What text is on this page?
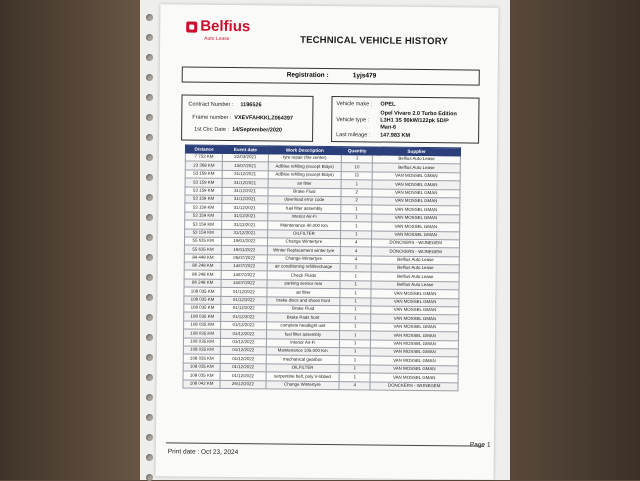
Belfius
Auto Lease	TECHNICAL VEHICLE HISTORY
Registration :	1yjs479
Contract Number : 1196526
Frame number : VXEVFAHKKLZ064397
1st Circ Date : 14/September/2020
Vehicle make : OPEL
Opel Vivaro 2.0 Turbo Edition
Vehicle type : L3H1 3S 90kW/122pk 5D/P
Man-6
Last mileage : 147.983 KM
Distance	Event date	Work Description	Quantity	Supplier
7 753 KM	22/03/2021	tyre repair (fire center)	1	Belfius Auto Lease
23 368 KM	13/07/2021	AdBlue refilling (except Eldys)	10	Belfius Auto Lease
53 159 KM	31/12/2021	AdBlue refilling (except Eldys)	11	VAN MOSSEL GMAN
53 159 KM	31/12/2021	air filter	1	VAN MOSSEL GMAN
53 159 KM	31/12/2021	Brake Fluid	2	VAN MOSSEL GMAN
53 159 KM	31/12/2021	download error code	2	VAN MOSSEL GMAN
53 159 KM	31/12/2021	fuel filter assembly	1	VAN MOSSEL GMAN
53 159 KM	31/12/2021	Interior Air-Fi	1	VAN MOSSEL GMAN
53 159 KM	31/12/2021	Maintenance 40.000 Km	1	VAN MOSSEL GMAN
53 159 KM	31/12/2021	OILFILTER	1	VAN MOSSEL GMAN
55 635 KM	19/01/2022	Change Wintertyre	4	DONCKERS - WIJNEGEM
55 635 KM	19/01/2022	Winter Replacement winter tyre	4	DONCKERS - WIJNEGEM
84 449 KM	05/07/2022	Change Wintertyre	4	Belfius Auto Lease
86 248 KM	14/07/2022	air conditioning refill/recharge	1	Belfius Auto Lease
86 248 KM	14/07/2022	Check Fluids	1	Belfius Auto Lease
86 248 KM	14/07/2022	parking sensor rear	1	Belfius Auto Lease
108 035 KM	01/12/2022	air filter	1	VAN MOSSEL GMAN
108 035 KM	01/12/2022	brake discs and shoes front	1	VAN MOSSEL GMAN
108 035 KM	01/12/2022	Brake Fluid	1	VAN MOSSEL GMAN
108 035 KM	01/12/2022	Brake Pads front	1	VAN MOSSEL GMAN
108 035 KM	01/12/2022	complete headlight unit	1	VAN MOSSEL GMAN
108 035 KM	01/12/2022	fuel filter assembly	1	VAN MOSSEL GMAN
108 035 KM	01/12/2022	Interior Air-Fi	1	VAN MOSSEL GMAN
108 035 KM	01/12/2022	Maintenance 105.000 Km	1	VAN MOSSEL GMAN
108 035 KM	01/12/2022	mechanical gearbox	1	VAN MOSSEL GMAN
108 035 KM	01/12/2022	OILFILTER	1	VAN MOSSEL GMAN
108 035 KM	01/12/2022	serpentine belt, poly V-ribbed	1	VAN MOSSEL GMAN
108 042 KM	26/12/2022	Change Wintertyre	4	DONCKERS - WIJNEGEM
Page 1
Print date : Oct 23, 2024
